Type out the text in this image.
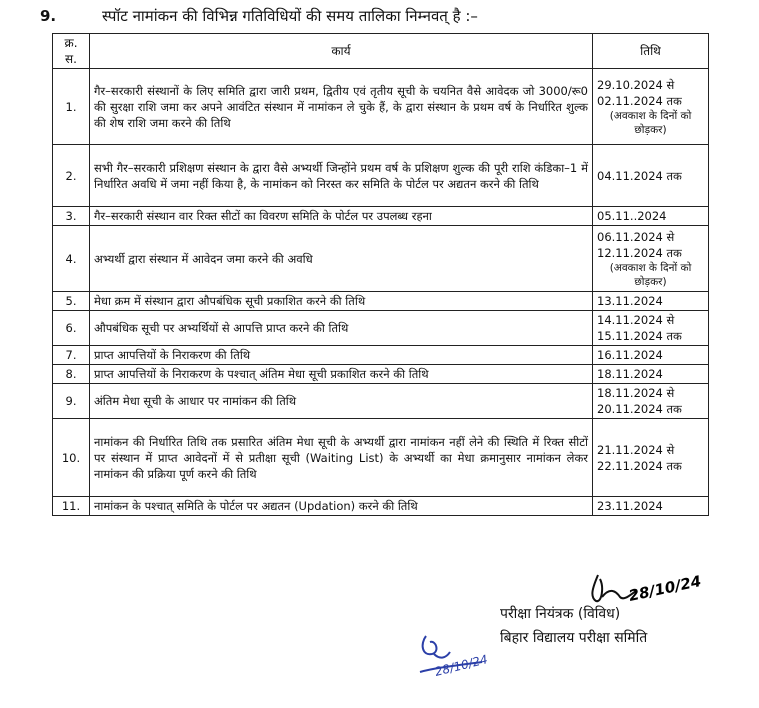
9.	स्पॉट नामांकन की विभिन्न गतिविधियों की समय तालिका निम्नवत् है :–
क्र. स.	कार्य	तिथि
1.	गैर–सरकारी संस्थानों के लिए समिति द्वारा जारी प्रथम, द्वितीय एवं तृतीय सूची के चयनित वैसे आवेदक जो 3000/रू0 की सुरक्षा राशि जमा कर अपने आवंटित संस्थान में नामांकन ले चुके हैं, के द्वारा संस्थान के प्रथम वर्ष के निर्धारित शुल्क की शेष राशि जमा करने की तिथि	29.10.2024 से 02.11.2024 तक
(अवकाश के दिनों को छोड़कर)

2.	सभी गैर–सरकारी प्रशिक्षण संस्थान के द्वारा वैसे अभ्यर्थी जिन्होंने प्रथम वर्ष के प्रशिक्षण शुल्क की पूरी राशि कंडिका–1 में निर्धारित अवधि में जमा नहीं किया है, के नामांकन को निरस्त कर समिति के पोर्टल पर अद्यतन करने की तिथि	04.11.2024 तक
3.	गैर–सरकारी संस्थान वार रिक्त सीटों का विवरण समिति के पोर्टल पर उपलब्ध रहना	05.11..2024
4.	अभ्यर्थी द्वारा संस्थान में आवेदन जमा करने की अवधि	06.11.2024 से 12.11.2024 तक
(अवकाश के दिनों को छोड़कर)

5.	मेधा क्रम में संस्थान द्वारा औपबंधिक सूची प्रकाशित करने की तिथि	13.11.2024
6.	औपबंधिक सूची पर अभ्यर्थियों से आपत्ति प्राप्त करने की तिथि	14.11.2024 से 15.11.2024 तक
7.	प्राप्त आपत्तियों के निराकरण की तिथि	16.11.2024
8.	प्राप्त आपत्तियों के निराकरण के पश्चात् अंतिम मेधा सूची प्रकाशित करने की तिथि	18.11.2024
9.	अंतिम मेधा सूची के आधार पर नामांकन की तिथि	18.11.2024 से 20.11.2024 तक
10.	नामांकन की निर्धारित तिथि तक प्रसारित अंतिम मेधा सूची के अभ्यर्थी द्वारा नामांकन नहीं लेने की स्थिति में रिक्त सीटों पर संस्थान में प्राप्त आवेदनों में से प्रतीक्षा सूची (Waiting List) के अभ्यर्थी का मेधा क्रमानुसार नामांकन लेकर नामांकन की प्रक्रिया पूर्ण करने की तिथि	21.11.2024 से 22.11.2024 तक
11.	नामांकन के पश्चात् समिति के पोर्टल पर अद्यतन (Updation) करने की तिथि	23.11.2024
28/10/24
परीक्षा नियंत्रक (विविध)
बिहार विद्यालय परीक्षा समिति
28/10/24
